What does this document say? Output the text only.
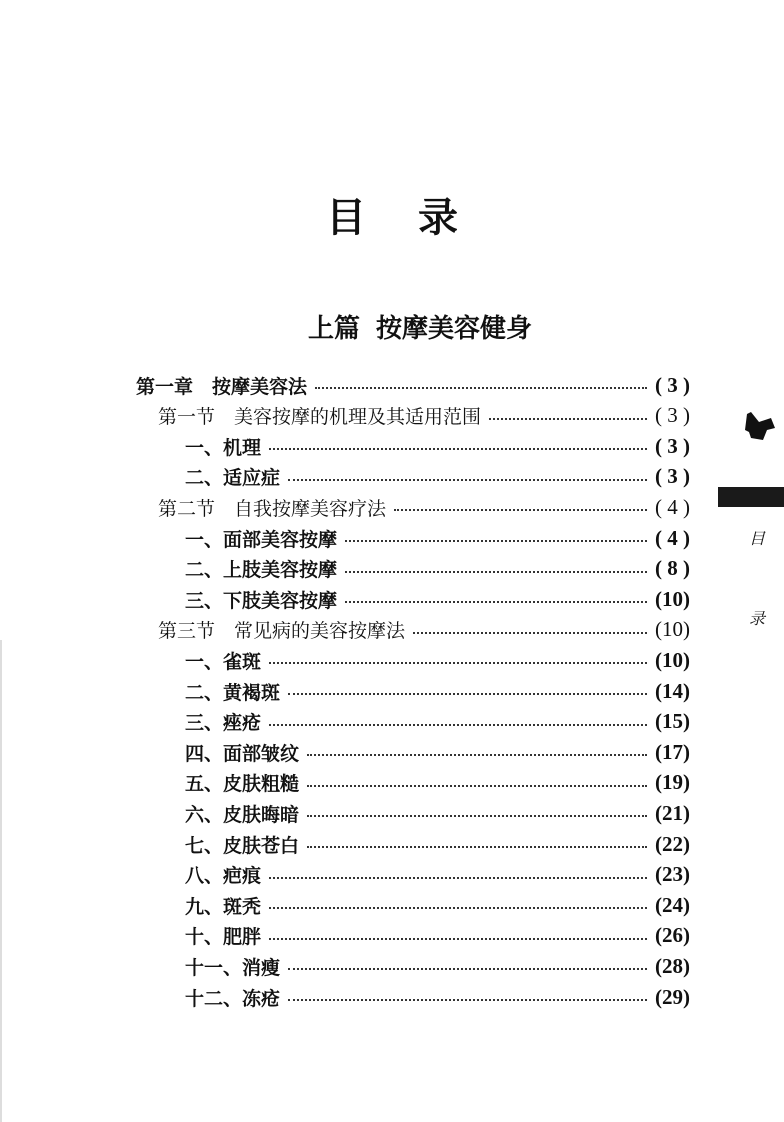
目 录
上篇 按摩美容健身
第一章　按摩美容法	( 3 )
第一节　美容按摩的机理及其适用范围	( 3 )
一、机理	( 3 )
二、适应症	( 3 )
第二节　自我按摩美容疗法	( 4 )
一、面部美容按摩	( 4 )
二、上肢美容按摩	( 8 )
三、下肢美容按摩	(10)
第三节　常见病的美容按摩法	(10)
一、雀斑	(10)
二、黄褐斑	(14)
三、痤疮	(15)
四、面部皱纹	(17)
五、皮肤粗糙	(19)
六、皮肤晦暗	(21)
七、皮肤苍白	(22)
八、疤痕	(23)
九、斑秃	(24)
十、肥胖	(26)
十一、消瘦	(28)
十二、冻疮	(29)
目
录
